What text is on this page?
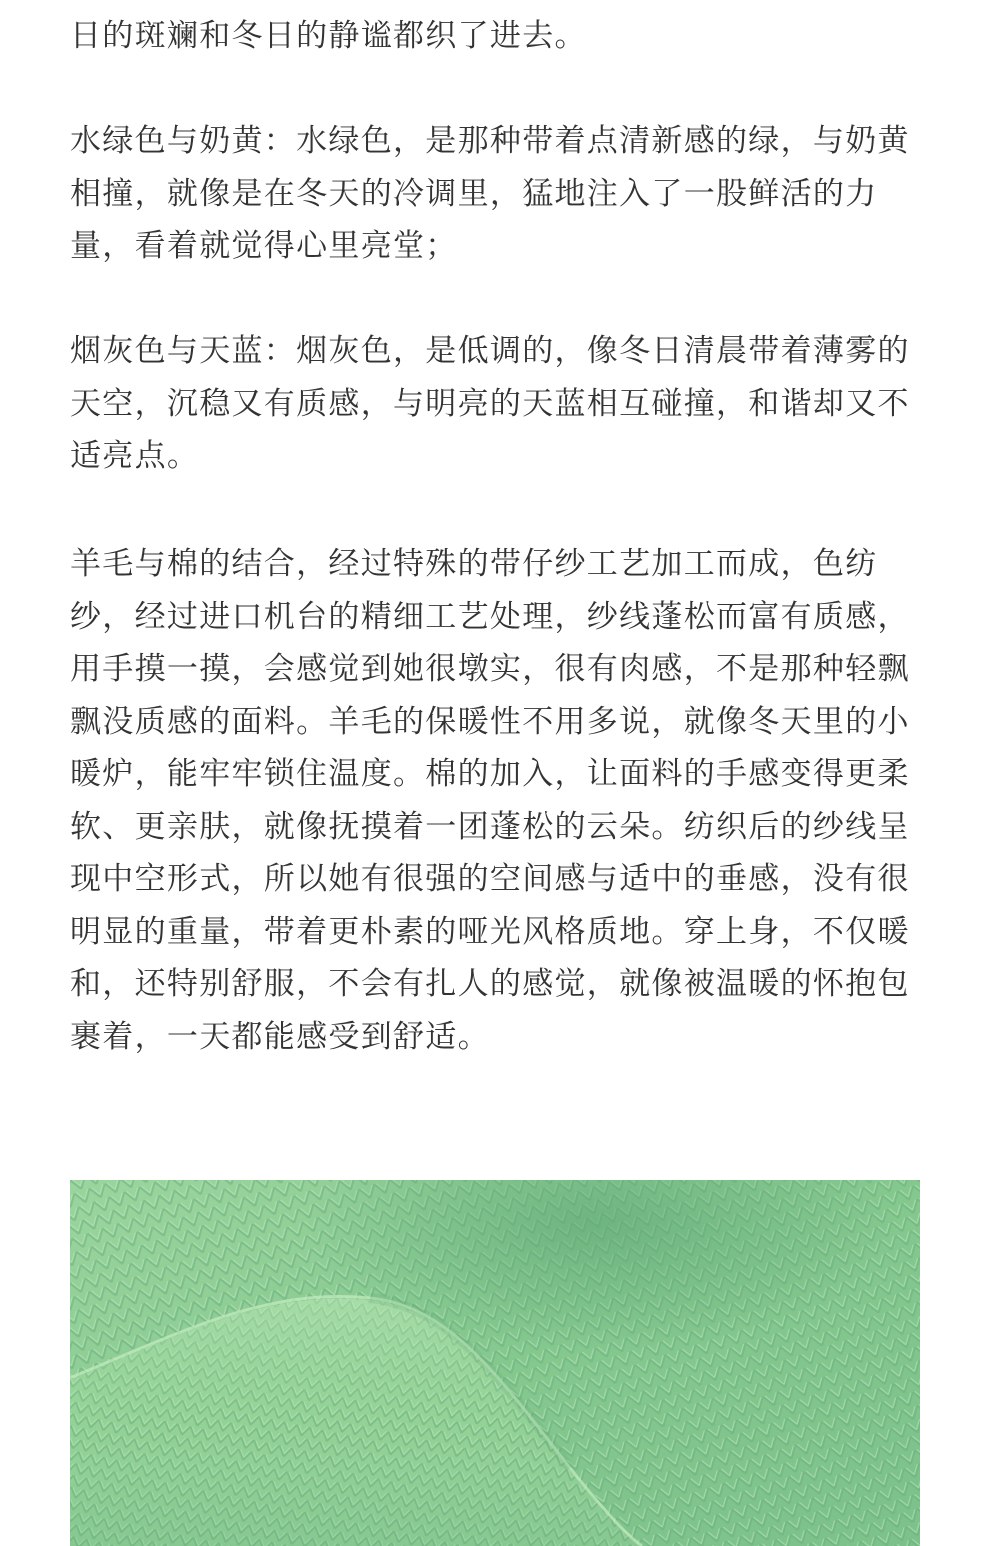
日的斑斓和冬日的静谧都织了进去。

水绿色与奶黄：水绿色，是那种带着点清新感的绿，与奶黄相撞，就像是在冬天的冷调里，猛地注入了一股鲜活的力量，看着就觉得心里亮堂；

烟灰色与天蓝：烟灰色，是低调的，像冬日清晨带着薄雾的天空，沉稳又有质感，与明亮的天蓝相互碰撞，和谐却又不适亮点。

羊毛与棉的结合，经过特殊的带仔纱工艺加工而成，色纺纱，经过进口机台的精细工艺处理，纱线蓬松而富有质感，用手摸一摸，会感觉到她很墩实，很有肉感，不是那种轻飘飘没质感的面料。羊毛的保暖性不用多说，就像冬天里的小暖炉，能牢牢锁住温度。棉的加入，让面料的手感变得更柔软、更亲肤，就像抚摸着一团蓬松的云朵。纺织后的纱线呈现中空形式，所以她有很强的空间感与适中的垂感，没有很明显的重量，带着更朴素的哑光风格质地。穿上身，不仅暖和，还特别舒服，不会有扎人的感觉，就像被温暖的怀抱包裹着，一天都能感受到舒适。
